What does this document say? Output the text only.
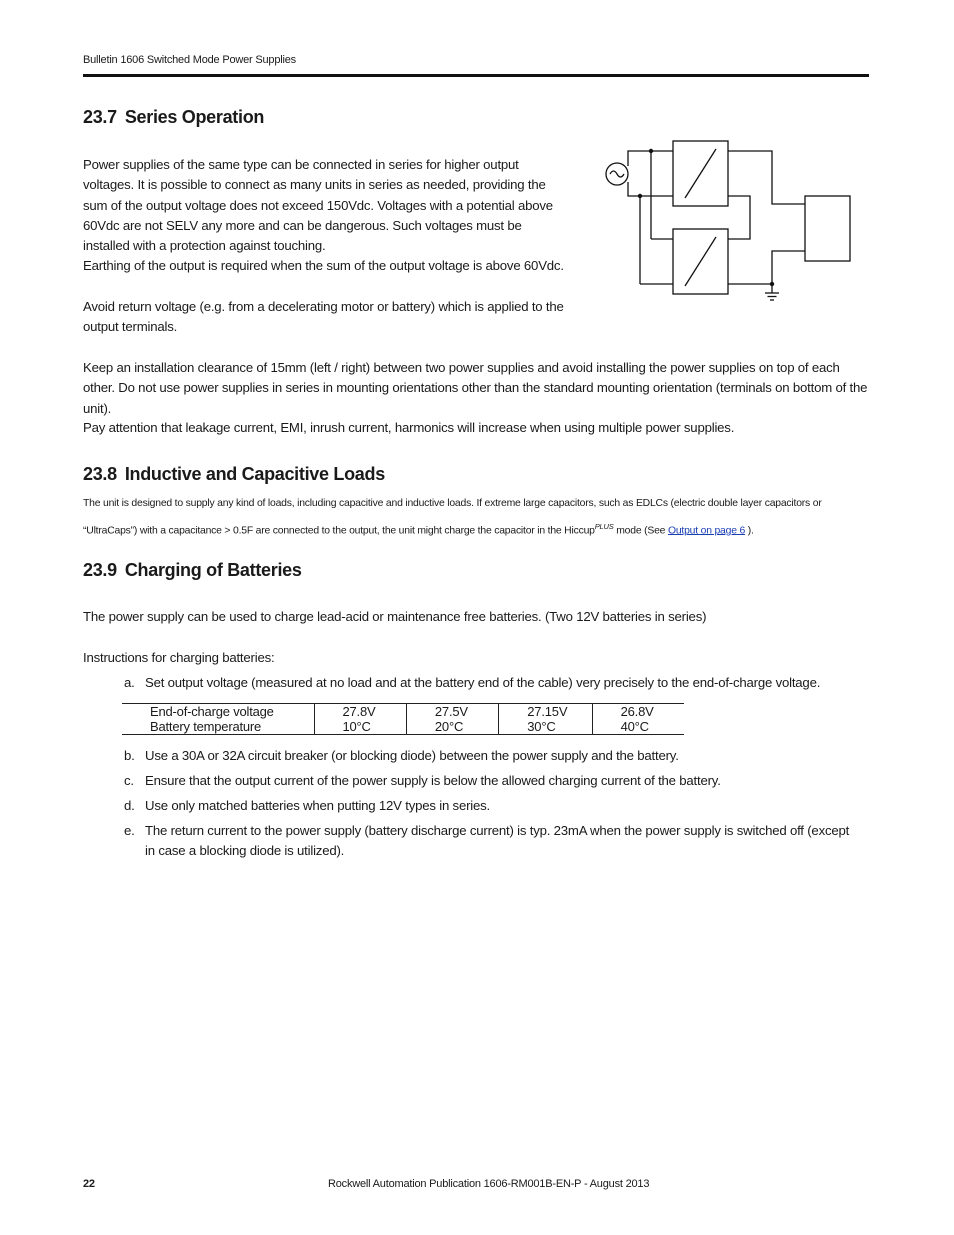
Bulletin 1606 Switched Mode Power Supplies
23.7 Series Operation

Power supplies of the same type can be connected in series for higher output voltages. It is possible to connect as many units in series as needed, providing the sum of the output voltage does not exceed 150Vdc. Voltages with a potential above 60Vdc are not SELV any more and can be dangerous. Such voltages must be installed with a protection against touching.

Earthing of the output is required when the sum of the output voltage is above 60Vdc.

Avoid return voltage (e.g. from a decelerating motor or battery) which is applied to the output terminals.

Keep an installation clearance of 15mm (left / right) between two power supplies and avoid installing the power supplies on top of each other. Do not use power supplies in series in mounting orientations other than the standard mounting orientation (terminals on bottom of the unit).

Pay attention that leakage current, EMI, inrush current, harmonics will increase when using multiple power supplies.

23.8 Inductive and Capacitive Loads

The unit is designed to supply any kind of loads, including capacitive and inductive loads. If extreme large capacitors, such as EDLCs (electric double layer capacitors or “UltraCaps”) with a capacitance > 0.5F are connected to the output, the unit might charge the capacitor in the Hiccup$^{PLUS}$ mode (See Output on page 6 ).

23.9 Charging of Batteries

The power supply can be used to charge lead-acid or maintenance free batteries. (Two 12V batteries in series)

Instructions for charging batteries:

a. Set output voltage (measured at no load and at the battery end of the cable) very precisely to the end-of-charge voltage.
End-of-charge voltage	27.8V	27.5V	27.15V	26.8V
Battery temperature	10°C	20°C	30°C	40°C
b. Use a 30A or 32A circuit breaker (or blocking diode) between the power supply and the battery.
c. Ensure that the output current of the power supply is below the allowed charging current of the battery.
d. Use only matched batteries when putting 12V types in series.
e. The return current to the power supply (battery discharge current) is typ. 23mA when the power supply is switched off (except in case a blocking diode is utilized).
22	Rockwell Automation Publication 1606-RM001B-EN-P - August 2013
